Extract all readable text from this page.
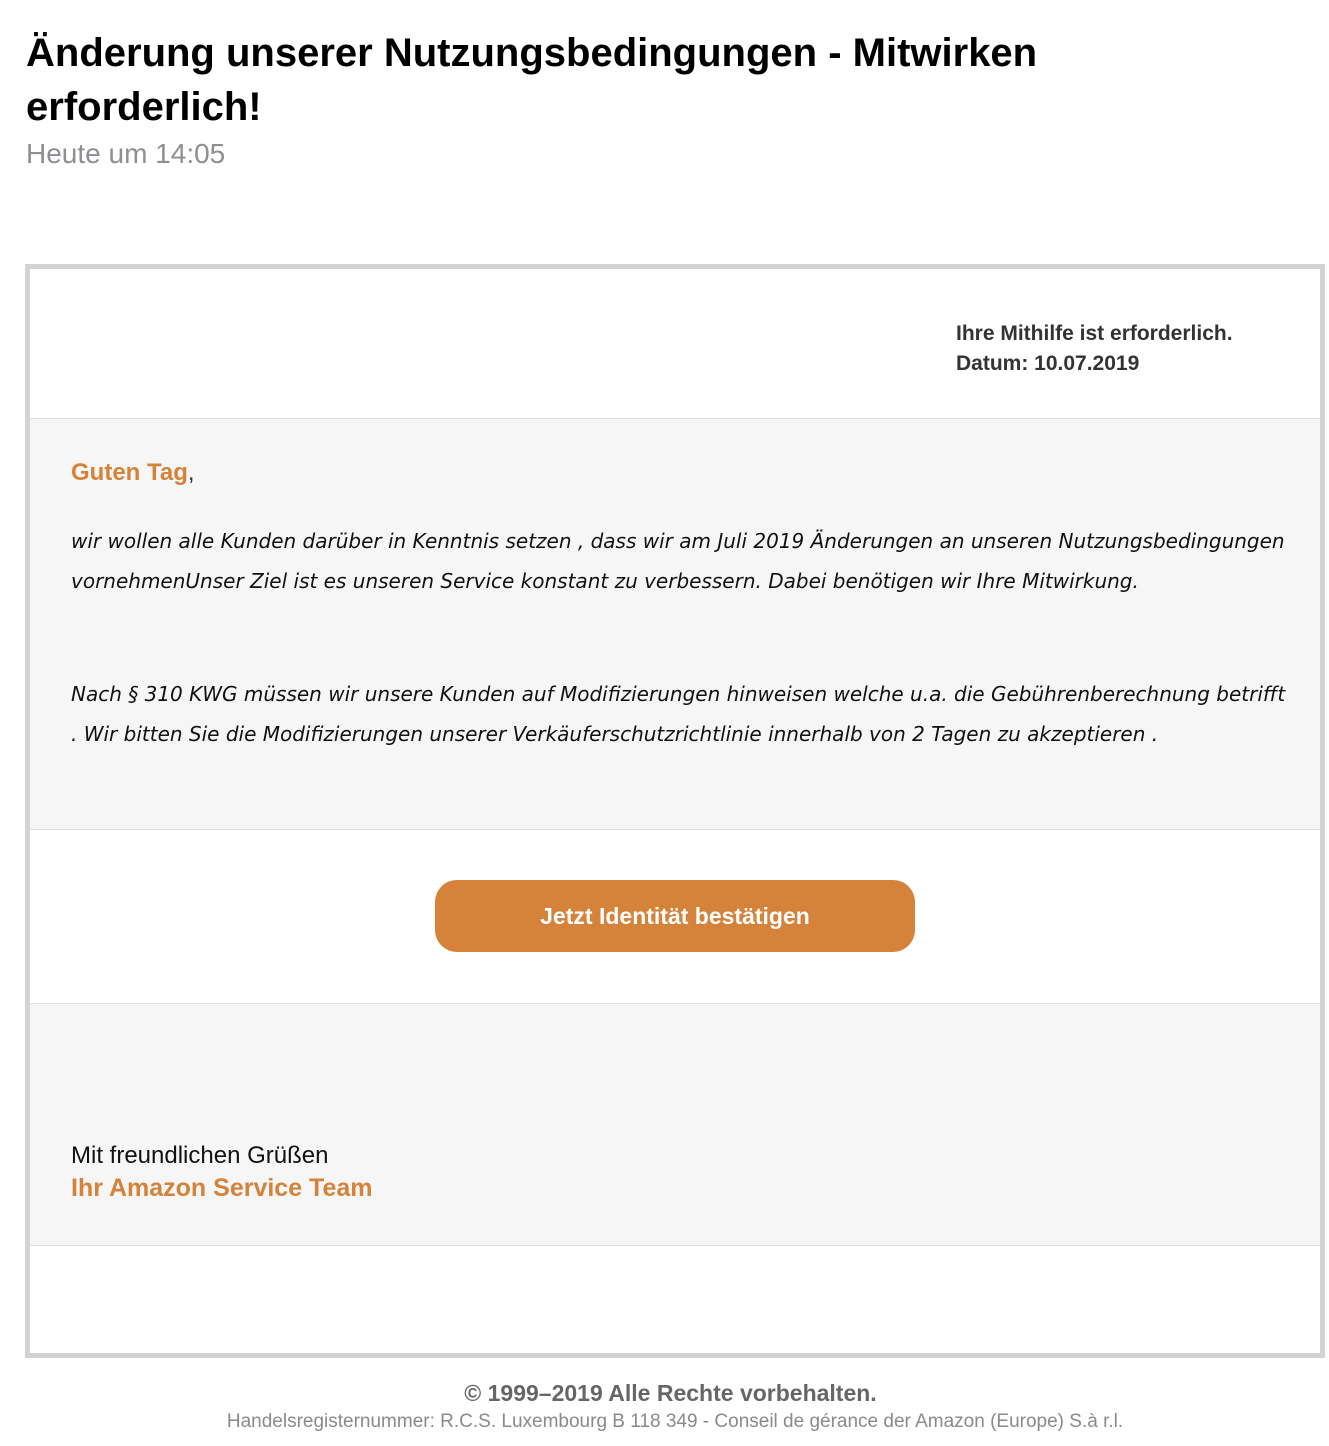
Änderung unserer Nutzungsbedingungen - Mitwirken erforderlich!
Heute um 14:05
Ihre Mithilfe ist erforderlich.
Datum: 10.07.2019
Guten Tag,

wir wollen alle Kunden darüber in Kenntnis setzen , dass wir am Juli 2019 Änderungen an unseren Nutzungsbedingungen vornehmenUnser Ziel ist es unseren Service konstant zu verbessern. Dabei benötigen wir Ihre Mitwirkung.

Nach § 310 KWG müssen wir unsere Kunden auf Modifizierungen hinweisen welche u.a. die Gebührenberechnung betrifft . Wir bitten Sie die Modifizierungen unserer Verkäuferschutzrichtlinie innerhalb von 2 Tagen zu akzeptieren .

Jetzt Identität bestätigen
Mit freundlichen Grüßen
Ihr Amazon Service Team
© 1999–2019 Alle Rechte vorbehalten.
Handelsregisternummer: R.C.S. Luxembourg B 118 349 - Conseil de gérance der Amazon (Europe) S.à r.l.
